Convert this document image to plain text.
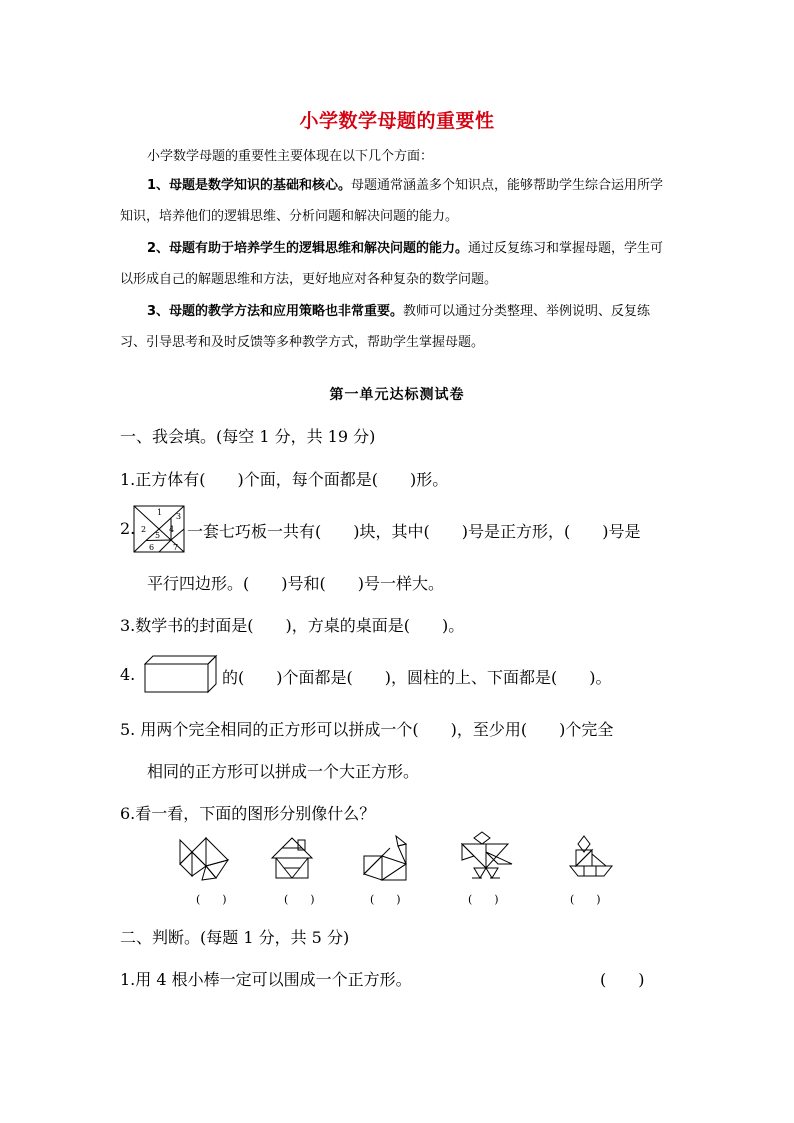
小学数学母题的重要性
小学数学母题的重要性主要体现在以下几个方面：
1、母题是数学知识的基础和核心。母题通常涵盖多个知识点，能够帮助学生综合运用所学知识，培养他们的逻辑思维、分析问题和解决问题的能力。
2、母题有助于培养学生的逻辑思维和解决问题的能力。通过反复练习和掌握母题，学生可以形成自己的解题思维和方法，更好地应对各种复杂的数学问题。
3、母题的教学方法和应用策略也非常重要。教师可以通过分类整理、举例说明、反复练习、引导思考和及时反馈等多种教学方式，帮助学生掌握母题。
第一单元达标测试卷
一、我会填。(每空 1 分，共 19 分)
1.正方体有(　　)个面，每个面都是(　　)形。
2.
1
2
3
4
5
6 7
一套七巧板一共有(　　)块，其中(　　)号是正方形，(　　)号是
平行四边形。(　　)号和(　　)号一样大。
3.数学书的封面是(　　)，方桌的桌面是(　　)。
4.	的(　　)个面都是(　　)，圆柱的上、下面都是(　　)。
5. 用两个完全相同的正方形可以拼成一个(　　)，至少用(　　)个完全
相同的正方形可以拼成一个大正方形。
6.看一看，下面的图形分别像什么？
(　　)	(　　)	(　　)	(　　)	(　　)
二、判断。(每题 1 分，共 5 分)
1.用 4 根小棒一定可以围成一个正方形。	(　　)
